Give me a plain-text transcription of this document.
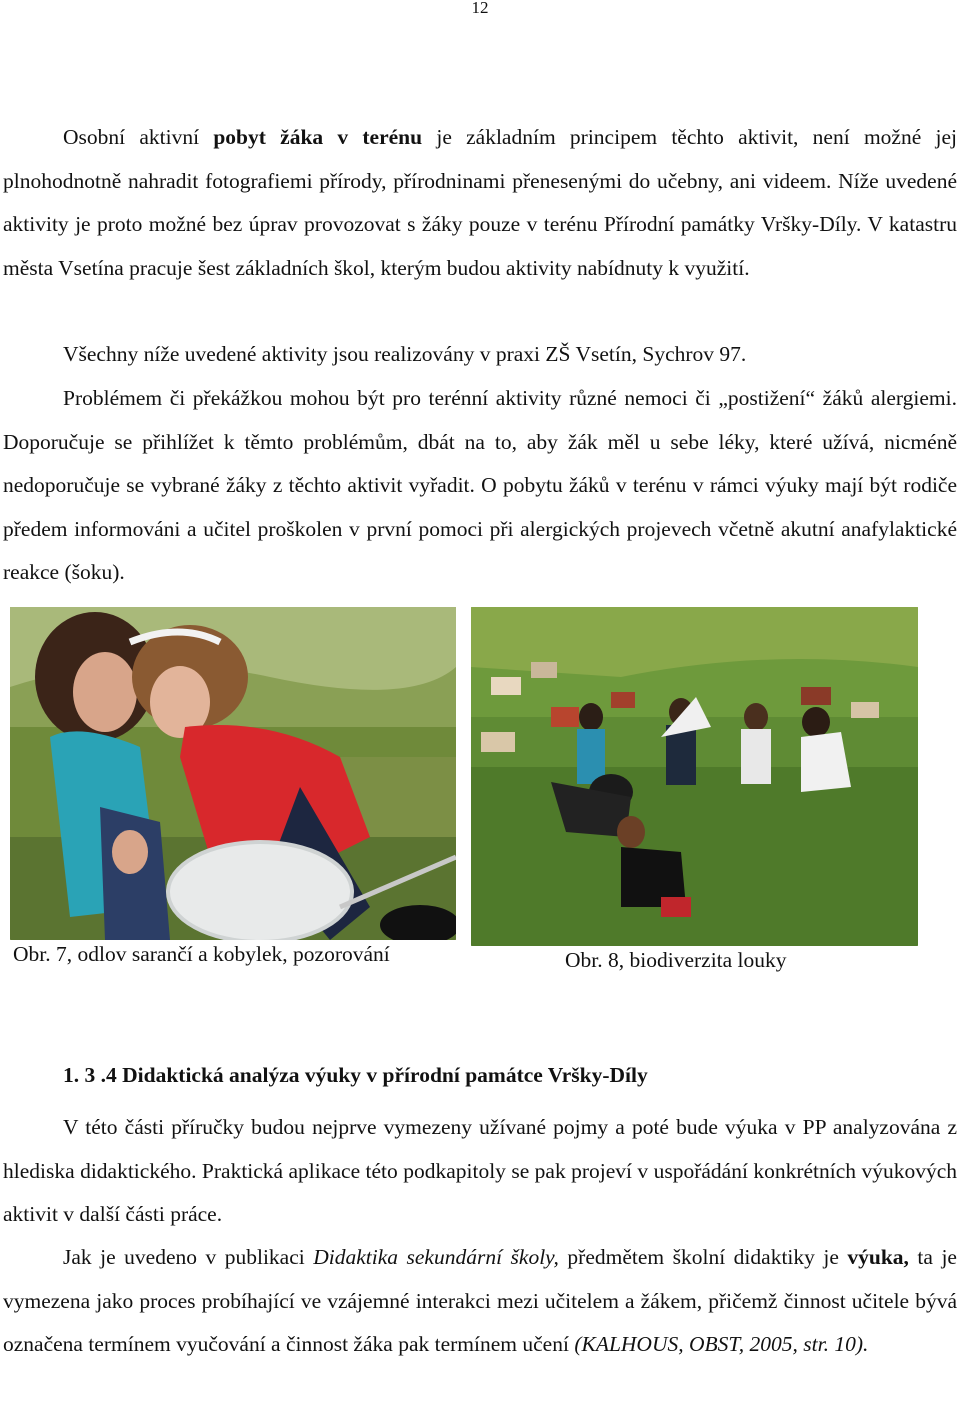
12

Osobní aktivní pobyt žáka v terénu je základním principem těchto aktivit, není možné jej plnohodnotně nahradit fotografiemi přírody, přírodninami přenesenými do učebny, ani videem. Níže uvedené aktivity je proto možné bez úprav provozovat s žáky pouze v terénu Přírodní památky Vršky-Díly. V katastru města Vsetína pracuje šest základních škol, kterým budou aktivity nabídnuty k využití.

Všechny níže uvedené aktivity jsou realizovány v praxi ZŠ Vsetín, Sychrov 97.

Problémem či překážkou mohou být pro terénní aktivity různé nemoci či „postižení“ žáků alergiemi. Doporučuje se přihlížet k těmto problémům, dbát na to, aby žák měl u sebe léky, které užívá, nicméně nedoporučuje se vybrané žáky z těchto aktivit vyřadit. O pobytu žáků v terénu v rámci výuky mají být rodiče předem informováni a učitel proškolen v první pomoci při alergických projevech včetně akutní anafylaktické reakce (šoku).

Obr. 7, odlov sarančí a kobylek, pozorování	Obr. 8, biodiverzita louky
1. 3 .4 Didaktická analýza výuky v přírodní památce Vršky-Díly

V této části příručky budou nejprve vymezeny užívané pojmy a poté bude výuka v PP analyzována z hlediska didaktického. Praktická aplikace této podkapitoly se pak projeví v uspořádání konkrétních výukových aktivit v další části práce.

Jak je uvedeno v publikaci Didaktika sekundární školy, předmětem školní didaktiky je výuka, ta je vymezena jako proces probíhající ve vzájemné interakci mezi učitelem a žákem, přičemž činnost učitele bývá označena termínem vyučování a činnost žáka pak termínem učení (KALHOUS, OBST, 2005, str. 10).
